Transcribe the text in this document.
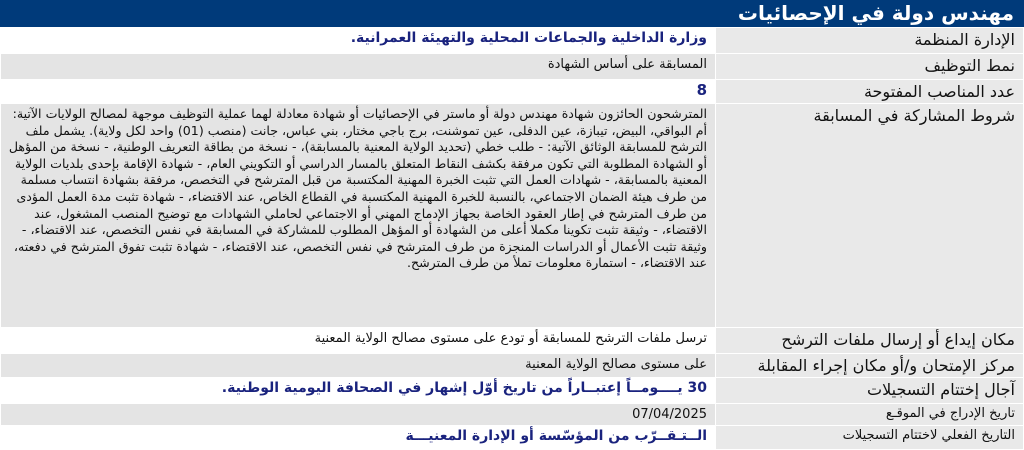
مهندس دولة في الإحصائيات
الإدارة المنظمة	وزارة الداخلية والجماعات المحلية والتهيئة العمرانية.
نمط التوظيف	المسابقة على أساس الشهادة
عدد المناصب المفتوحة	8
شروط المشاركة في المسابقة	المترشحون الحائزون شهادة مهندس دولة أو ماستر في الإحصائيات أو شهادة معادلة لهما عملية التوظيف موجهة لمصالح الولايات الآتية: أم البواقي، البيض، تيبازة، عين الدفلى، عين تموشنت، برج باجي مختار، بني عباس، جانت (منصب (01) واحد لكل ولاية). يشمل ملف الترشح للمسابقة الوثائق الآتية: - طلب خطي (تحديد الولاية المعنية بالمسابقة)، - نسخة من بطاقة التعريف الوطنية، - نسخة من المؤهل أو الشهادة المطلوبة التي تكون مرفقة بكشف النقاط المتعلق بالمسار الدراسي أو التكويني العام، - شهادة الإقامة بإحدى بلديات الولاية المعنية بالمسابقة، - شهادات العمل التي تثبت الخبرة المهنية المكتسبة من قبل المترشح في التخصص، مرفقة بشهادة انتساب مسلمة من طرف هيئة الضمان الاجتماعي، بالنسبة للخبرة المهنية المكتسبة في القطاع الخاص، عند الاقتضاء، - شهادة تثبت مدة العمل المؤدى من طرف المترشح في إطار العقود الخاصة بجهاز الإدماج المهني أو الاجتماعي لحاملي الشهادات مع توضيح المنصب المشغول، عند الاقتضاء، - وثيقة تثبت تكوينا مكملا أعلى من الشهادة أو المؤهل المطلوب للمشاركة في المسابقة في نفس التخصص، عند الاقتضاء، - وثيقة تثبت الأعمال أو الدراسات المنجزة من طرف المترشح في نفس التخصص، عند الاقتضاء، - شهادة تثبت تفوق المترشح في دفعته، عند الاقتضاء، - استمارة معلومات تملأ من طرف المترشح.
مكان إيداع أو إرسال ملفات الترشح	ترسل ملفات الترشح للمسابقة أو تودع على مستوى مصالح الولاية المعنية
مركز الإمتحان و/أو مكان إجراء المقابلة	على مستوى مصالح الولاية المعنية
آجال إختتام التسجيلات	30 يــــومــاً إعتبــاراً من تاريخ أوّل إشهار في الصحافة اليومية الوطنية.
تاريخ الإدراج في الموقـع	07/04/2025
التاريخ الفعلي لاختتام التسجيلات	الــتـقــرّب من المؤسّسة أو الإدارة المعنيـــة
